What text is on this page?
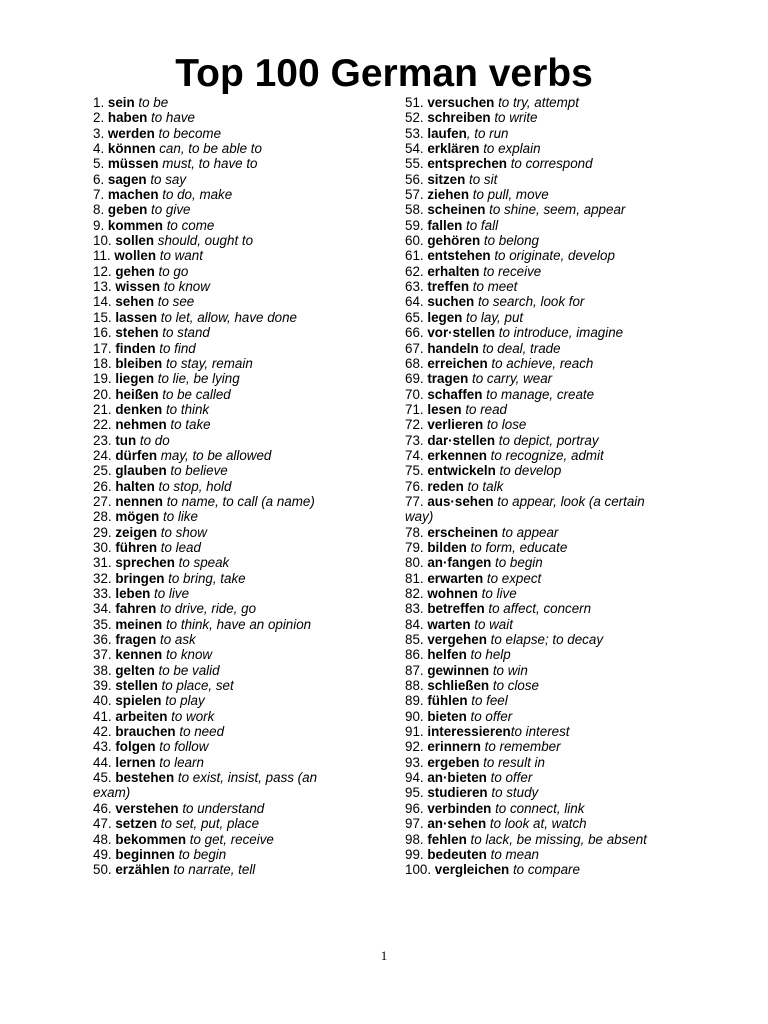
Top 100 German verbs
1. sein to be
2. haben to have
3. werden to become
4. können can, to be able to
5. müssen must, to have to
6. sagen to say
7. machen to do, make
8. geben to give
9. kommen to come
10. sollen should, ought to
11. wollen to want
12. gehen to go
13. wissen to know
14. sehen to see
15. lassen to let, allow, have done
16. stehen to stand
17. finden to find
18. bleiben to stay, remain
19. liegen to lie, be lying
20. heißen to be called
21. denken to think
22. nehmen to take
23. tun to do
24. dürfen may, to be allowed
25. glauben to believe
26. halten to stop, hold
27. nennen to name, to call (a name)
28. mögen to like
29. zeigen to show
30. führen to lead
31. sprechen to speak
32. bringen to bring, take
33. leben to live
34. fahren to drive, ride, go
35. meinen to think, have an opinion
36. fragen to ask
37. kennen to know
38. gelten to be valid
39. stellen to place, set
40. spielen to play
41. arbeiten to work
42. brauchen to need
43. folgen to follow
44. lernen to learn
45. bestehen to exist, insist, pass (an exam)
46. verstehen to understand
47. setzen to set, put, place
48. bekommen to get, receive
49. beginnen to begin
50. erzählen to narrate, tell
51. versuchen to try, attempt
52. schreiben to write
53. laufen, to run
54. erklären to explain
55. entsprechen to correspond
56. sitzen to sit
57. ziehen to pull, move
58. scheinen to shine, seem, appear
59. fallen to fall
60. gehören to belong
61. entstehen to originate, develop
62. erhalten to receive
63. treffen to meet
64. suchen to search, look for
65. legen to lay, put
66. vor·stellen to introduce, imagine
67. handeln to deal, trade
68. erreichen to achieve, reach
69. tragen to carry, wear
70. schaffen to manage, create
71. lesen to read
72. verlieren to lose
73. dar·stellen to depict, portray
74. erkennen to recognize, admit
75. entwickeln to develop
76. reden to talk
77. aus·sehen to appear, look (a certain way)
78. erscheinen to appear
79. bilden to form, educate
80. an·fangen to begin
81. erwarten to expect
82. wohnen to live
83. betreffen to affect, concern
84. warten to wait
85. vergehen to elapse; to decay
86. helfen to help
87. gewinnen to win
88. schließen to close
89. fühlen to feel
90. bieten to offer
91. interessierento interest
92. erinnern to remember
93. ergeben to result in
94. an·bieten to offer
95. studieren to study
96. verbinden to connect, link
97. an·sehen to look at, watch
98. fehlen to lack, be missing, be absent
99. bedeuten to mean
100. vergleichen to compare
1
